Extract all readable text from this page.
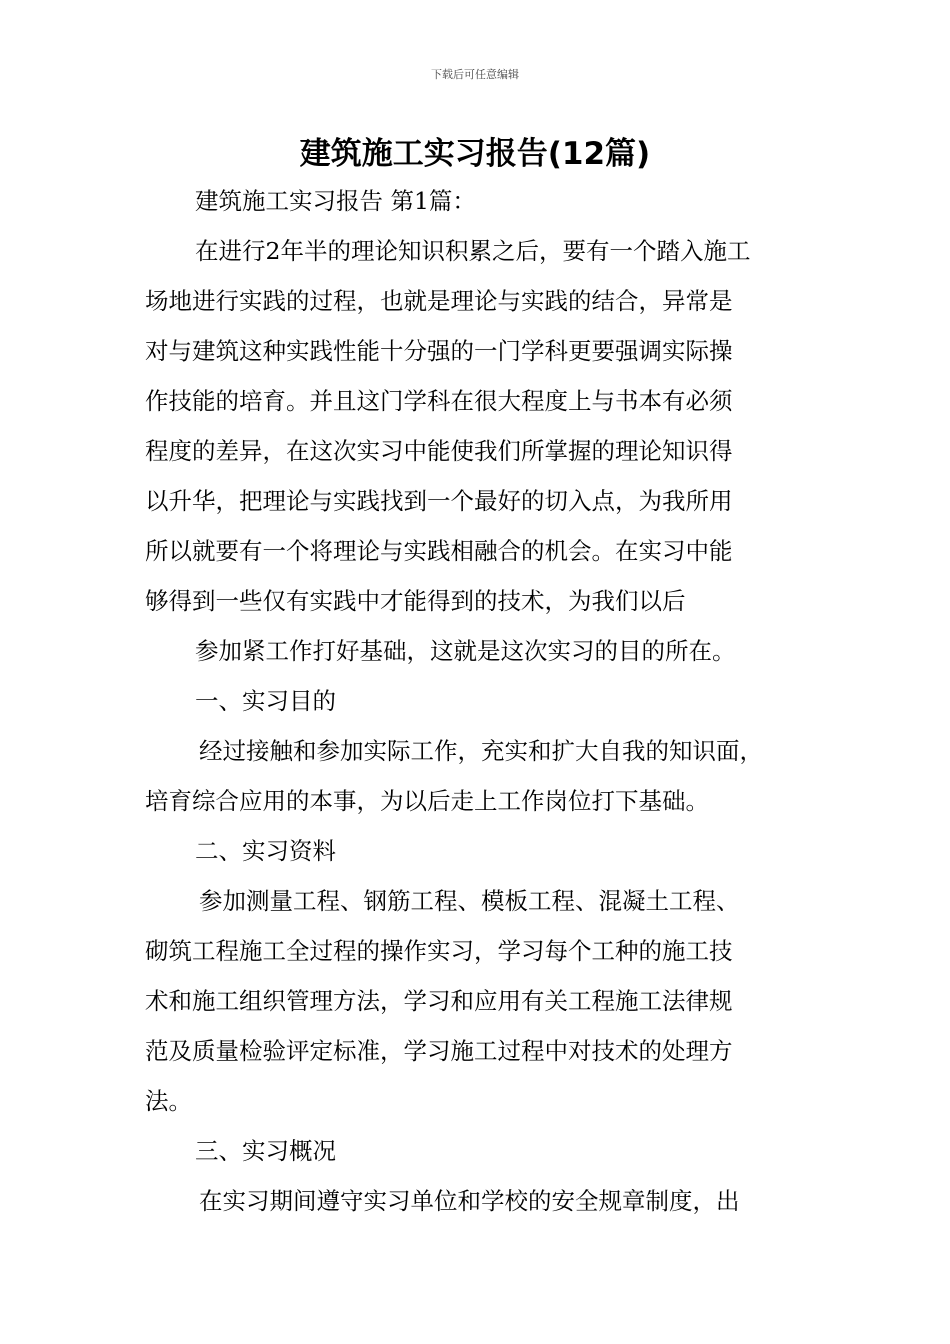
下载后可任意编辑
建筑施工实习报告(12篇)
建筑施工实习报告 第1篇：
在进行2年半的理论知识积累之后，要有一个踏入施工
场地进行实践的过程，也就是理论与实践的结合，异常是
对与建筑这种实践性能十分强的一门学科更要强调实际操
作技能的培育。并且这门学科在很大程度上与书本有必须
程度的差异，在这次实习中能使我们所掌握的理论知识得
以升华，把理论与实践找到一个最好的切入点，为我所用
所以就要有一个将理论与实践相融合的机会。在实习中能
够得到一些仅有实践中才能得到的技术，为我们以后
参加紧工作打好基础，这就是这次实习的目的所在。
一、实习目的
经过接触和参加实际工作，充实和扩大自我的知识面，
培育综合应用的本事，为以后走上工作岗位打下基础。
二、实习资料
参加测量工程、钢筋工程、模板工程、混凝土工程、
砌筑工程施工全过程的操作实习，学习每个工种的施工技
术和施工组织管理方法，学习和应用有关工程施工法律规
范及质量检验评定标准，学习施工过程中对技术的处理方
法。
三、实习概况
在实习期间遵守实习单位和学校的安全规章制度，出
